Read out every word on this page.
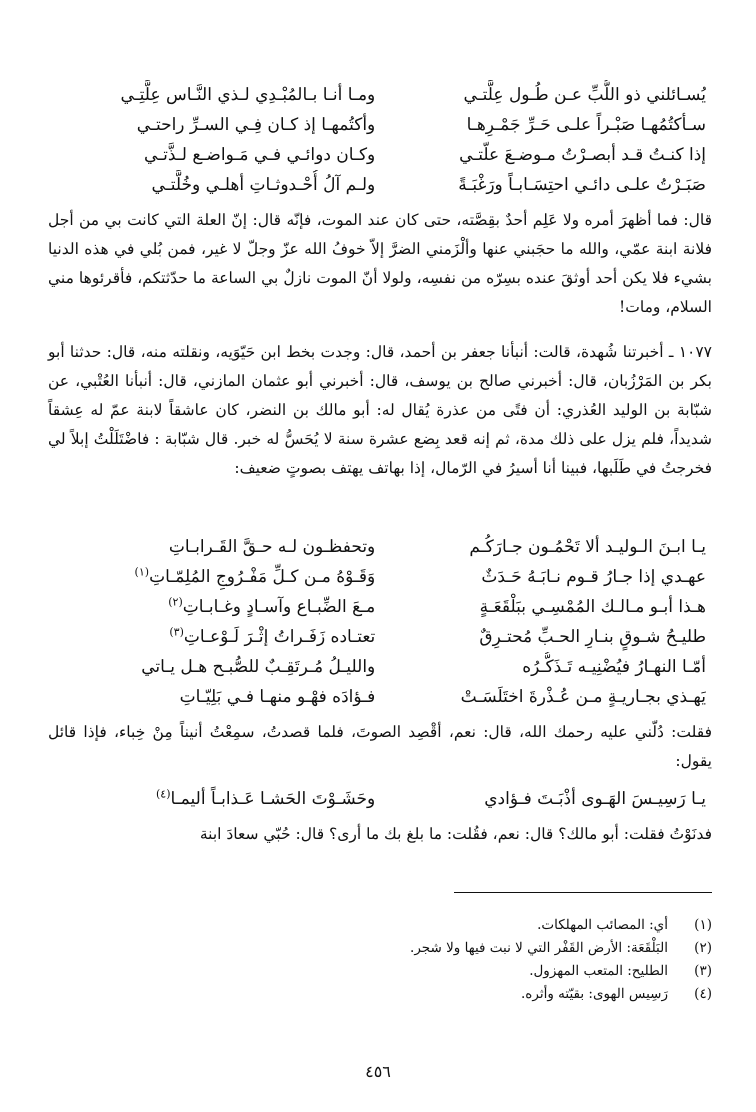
يُسـائلني ذو اللُّبِّ عـن طُـول عِلَّتـي
ومـا أنـا بـالمُبْـدِي لـذي النَّـاس عِلَّتِـي
سـأكتُمُهـا صَبْـراً علـى حَـرِّ جَمْـرِهـا
وأكتُمهـا إذ كـان فِـي السـرِّ راحتـي
إذا كنـتُ قـد أبصـرْتُ مـوضـعَ علّتـي
وكـان دوائـي فـي مَـواضـع لـذَّتـي
صَبَـرْتُ علـى دائـي احتِسَـابـاً ورَغْبَـةً
ولـم آلُ أُحْـدوثـاتِ أهلـي وخُلَّتـي

قال: فما أظهرَ أمره ولا عَلِم أحدٌ بقِصَّته، حتى كان عند الموت، فإنّه قال: إنّ العلة التي كانت بي من أجل فلانة ابنة عمّي، والله ما حجَبني عنها وألْزَمني الضرَّ إلاّ خوفُ الله عزّ وجلّ لا غير، فمن بُلي في هذه الدنيا بشيء فلا يكن أحد أوثقَ عنده بسِرّه من نفسِه، ولولا أنّ الموت نازلٌ بي الساعة ما حدّثتكم، فأقرئوها مني السلام، ومات!

١٠٧٧ ـ أخبرتنا شُهدة، قالت: أنبأنا جعفر بن أحمد، قال: وجدت بخط ابن حَيّوَيه، ونقلته منه، قال: حدثنا أبو بكر بن المَرْزُبان، قال: أخبرني صالح بن يوسف، قال: أخبرني أبو عثمان المازني، قال: أنبأنا العُتْبي، عن شبّابة بن الوليد العُذري: أن فتًى من عذرة يُقال له: أبو مالك بن النضر، كان عاشقاً لابنة عمّ له عِشقاً شديداً، فلم يزل على ذلك مدة، ثم إنه قعد بِضع عشرة سنة لا يُحَسُّ له خبر. قال شبّابة : فاضْتَلَلْتُ إبلاً لي فخرجتُ في طَلَبها، فبينا أنا أسيرُ في الرّمال، إذا بهاتف يهتف بصوتٍ ضعيف:

يـا ابـنَ الـوليـد ألا تَحْمُـون جـارَكُـم
وتحفظـون لـه حـقَّ القَـرابـاتِ
عهـدي إذا جـارُ قـوم نـابَـهُ حَـدَثٌ
وَقَـوْهُ مـن كـلِّ مَفْـرُوجِ المُلِمّـاتِ$^{(١)}$
هـذا أبـو مـالـك المُمْسِـي ببَلْقَعَـةٍ
مـعَ الضِّبـاع وآسـادٍ وغـابـاتِ$^{(٢)}$
طليـحُ شـوقٍ بنـارِ الحـبِّ مُحتـرِقٌ
تعتـاده زَفَـراتُ إثْـرَ لَـوْعـاتِ$^{(٣)}$
أمّـا النهـارُ فيُضْنِيـه تَـذَكُّـرُه
والليـلُ مُـرتَقِـبٌ للصُّبـح هـل يـاتي
يَهـذي بجـاريـةٍ مـن عُـذْرةَ اختَلَسَـتْ
فـؤادَه فهْـو منهـا فـي بَلِيّـاتِ

فقلت: دُلّني عليه رحمك الله، قال: نعم، أقْصِد الصوتَ، فلما قصدتُ، سمِعْتُ أنيناً مِنْ خِباء، فإذا قائل يقول:

يـا رَسِيـسَ الهَـوى أذْبَـتَ فـؤادي
وحَشَـوْتَ الحَشـا عَـذابـاً أليمـا$^{(٤)}$

فدنَوْتُ فقلت: أبو مالك؟ قال: نعم، فقُلت: ما بلغ بك ما أرى؟ قال: حُبّي سعادَ ابنة

(١)
أي: المصائب المهلكات.
(٢)
البَلْقَعَة: الأرض القَفْر التي لا نبت فيها ولا شجر.
(٣)
الطليح: المتعب المهزول.
(٤)
رَسِيس الهوى: بقيّته وأثره.
٤٥٦
